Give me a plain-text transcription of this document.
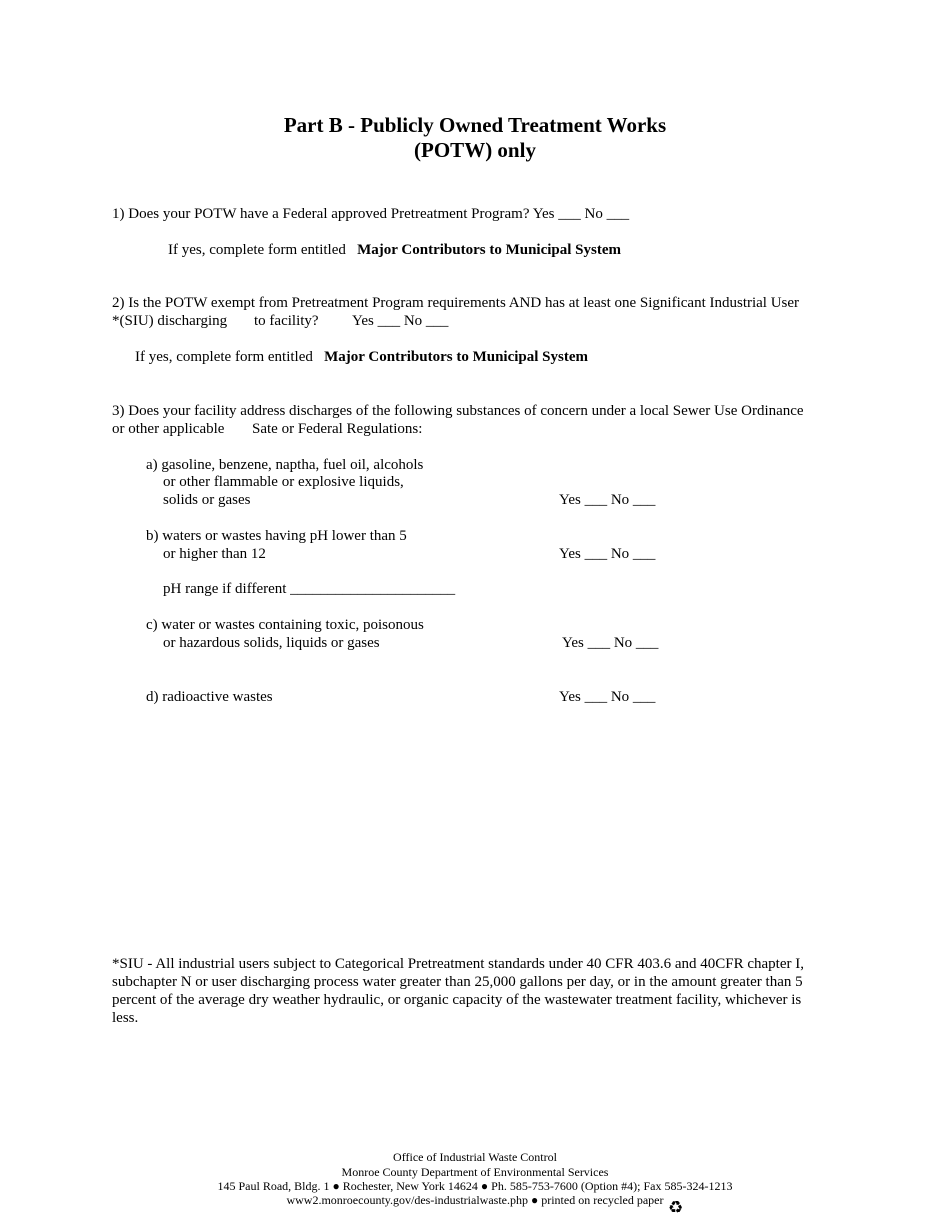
Part B - Publicly Owned Treatment Works
(POTW) only
1) Does your POTW have a Federal approved Pretreatment Program? Yes ___ No ___
If yes, complete form entitled Major Contributors to Municipal System
2) Is the POTW exempt from Pretreatment Program requirements AND has at least one Significant Industrial User
*(SIU) discharging to facility? Yes ___ No ___
If yes, complete form entitled Major Contributors to Municipal System
3) Does your facility address discharges of the following substances of concern under a local Sewer Use Ordinance
or other applicable Sate or Federal Regulations:
a) gasoline, benzene, naptha, fuel oil, alcohols
or other flammable or explosive liquids,
solids or gases	Yes ___ No ___
b) waters or wastes having pH lower than 5
or higher than 12	Yes ___ No ___
pH range if different ______________________
c) water or wastes containing toxic, poisonous
or hazardous solids, liquids or gases	Yes ___ No ___
d) radioactive wastes	Yes ___ No ___
*SIU - All industrial users subject to Categorical Pretreatment standards under 40 CFR 403.6 and 40CFR chapter I,
subchapter N or user discharging process water greater than 25,000 gallons per day, or in the amount greater than 5
percent of the average dry weather hydraulic, or organic capacity of the wastewater treatment facility, whichever is
less.
Office of Industrial Waste Control
Monroe County Department of Environmental Services
145 Paul Road, Bldg. 1 ● Rochester, New York 14624 ● Ph. 585-753-7600 (Option #4); Fax 585-324-1213
www2.monroecounty.gov/des-industrialwaste.php ● printed on recycled paper ♻
